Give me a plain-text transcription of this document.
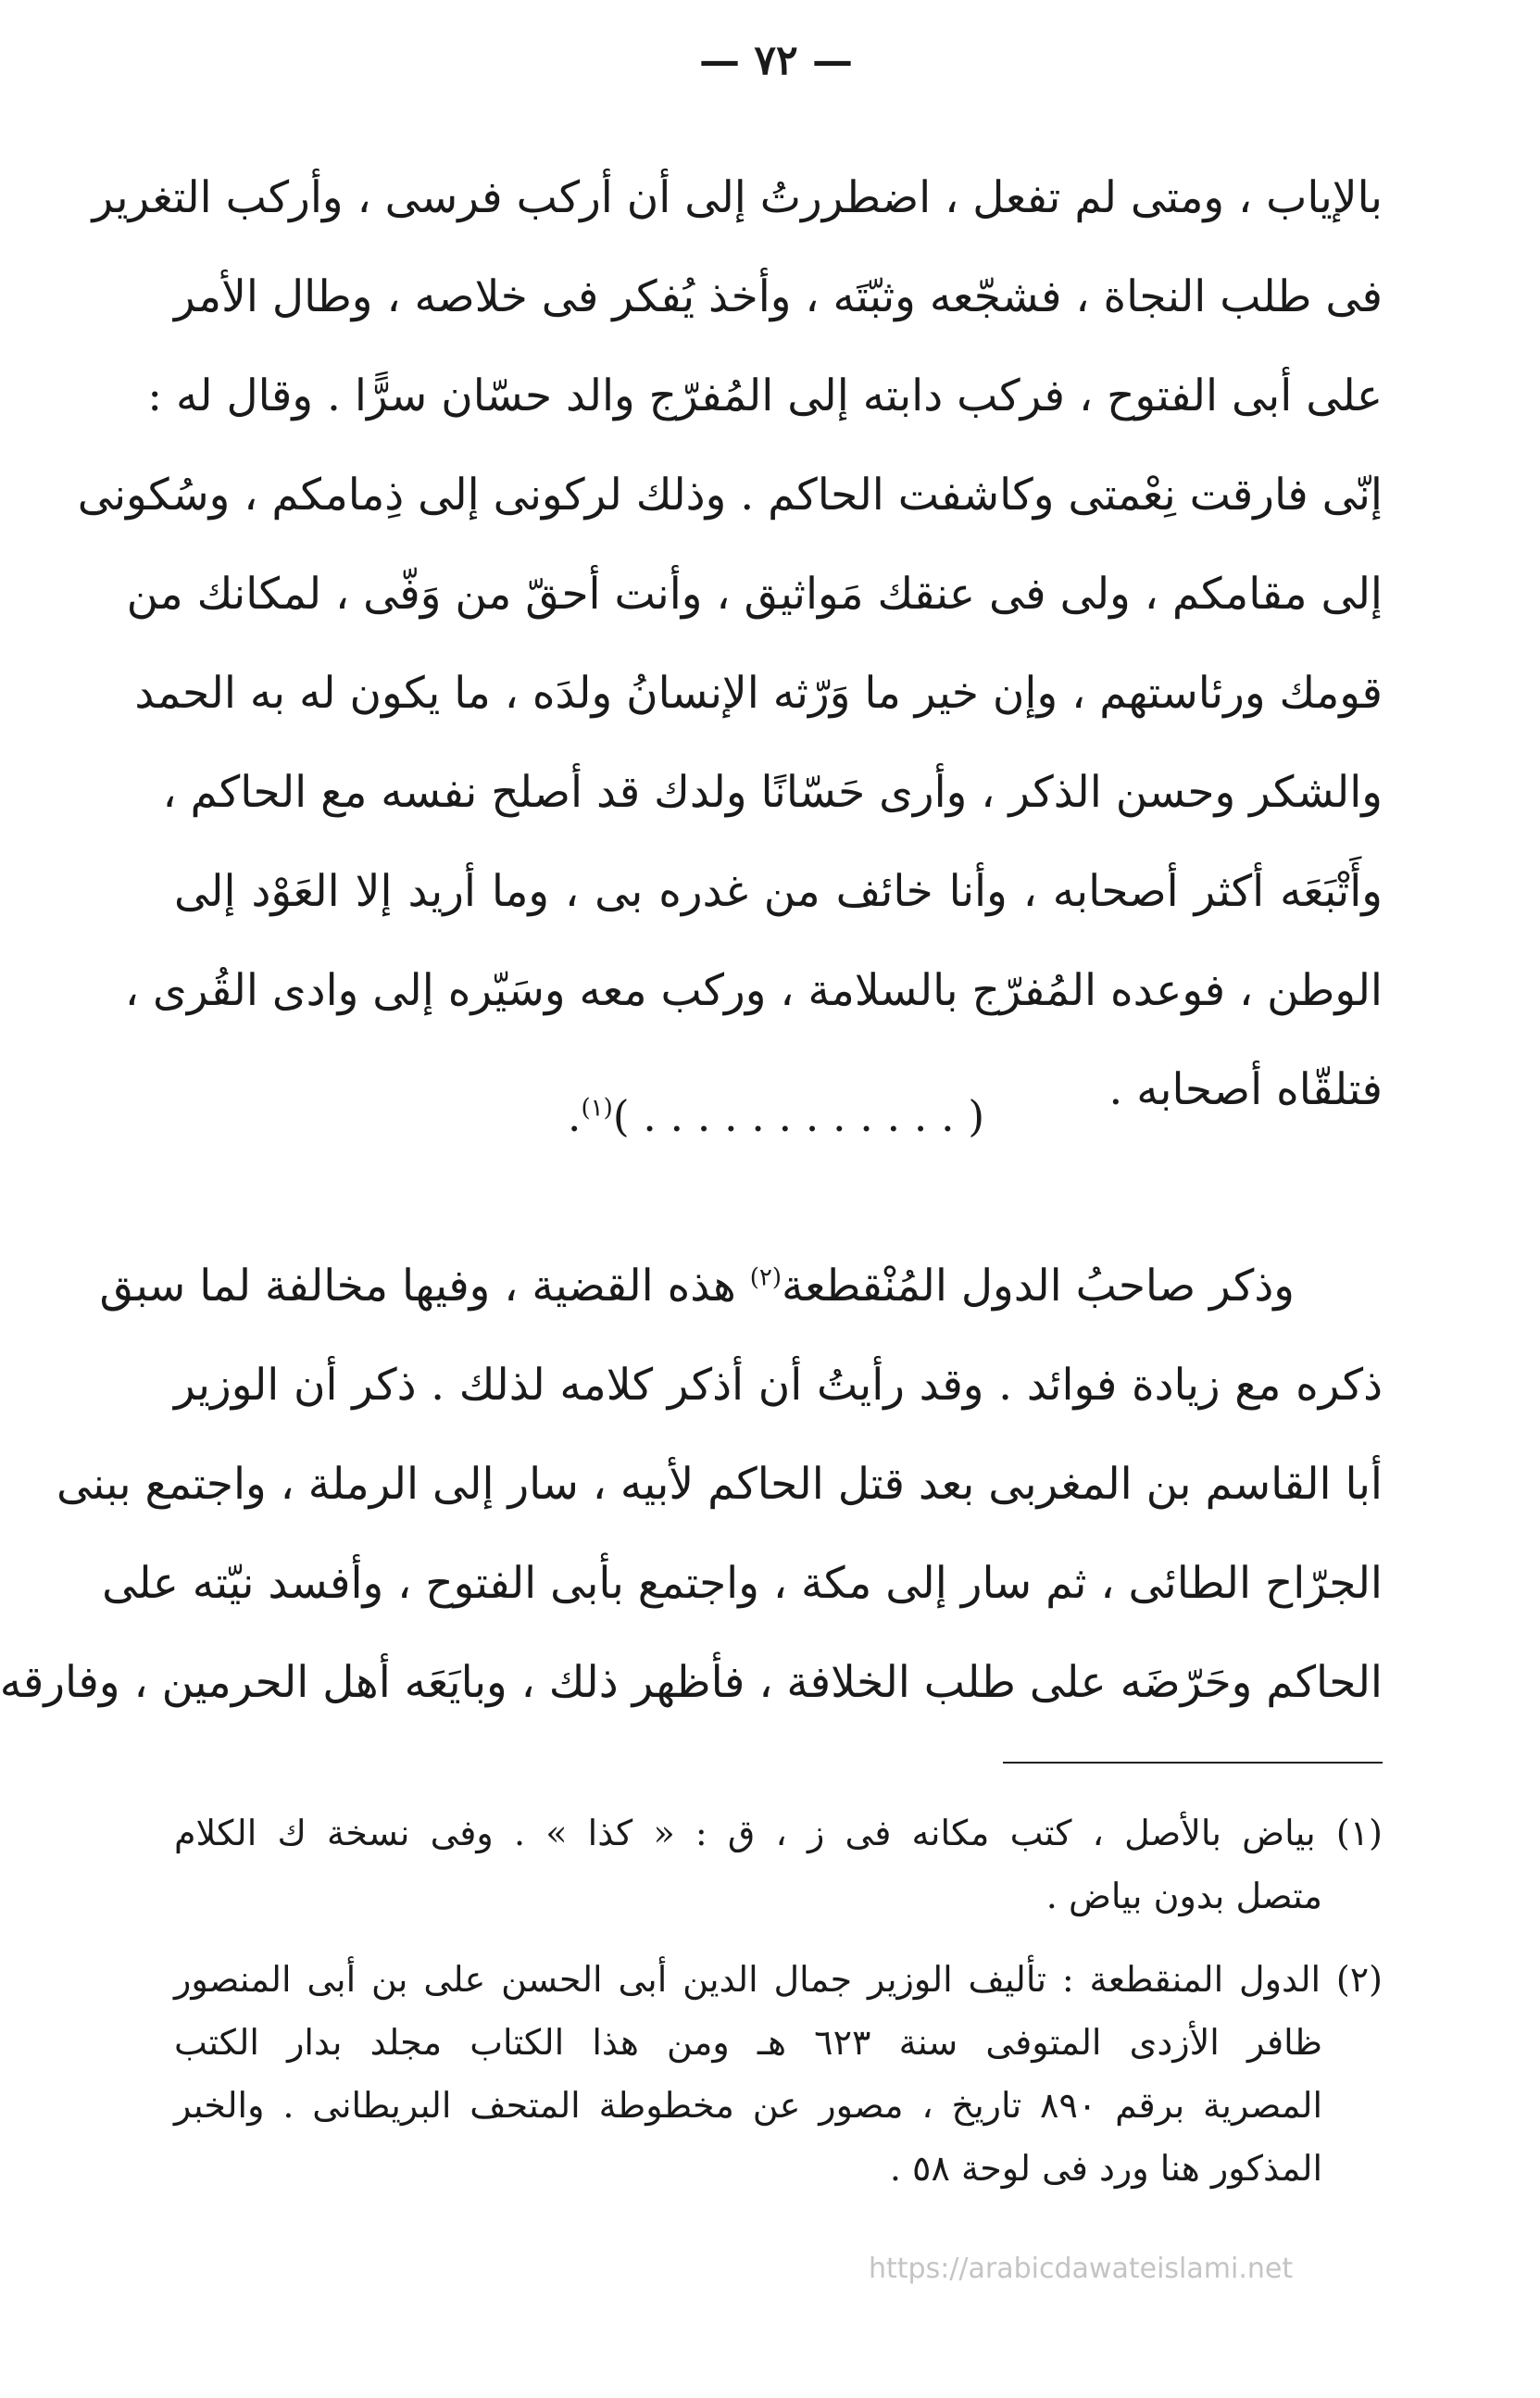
— ٧٢ —
بالإياب ، ومتى لم تفعل ، اضطررتُ إلى أن أركب فرسى ، وأركب التغرير
فى طلب النجاة ، فشجّعه وثبّتَه ، وأخذ يُفكر فى خلاصه ، وطال الأمر
على أبى الفتوح ، فركب دابته إلى المُفرّج والد حسّان سرًّا . وقال له :
إنّى فارقت نِعْمتى وكاشفت الحاكم . وذلك لركونى إلى ذِمامكم ، وسُكونى
إلى مقامكم ، ولى فى عنقك مَواثيق ، وأنت أحقّ من وَفّى ، لمكانك من
قومك ورئاستهم ، وإن خير ما وَرّثه الإنسانُ ولدَه ، ما يكون له به الحمد
والشكر وحسن الذكر ، وأرى حَسّانًا ولدك قد أصلح نفسه مع الحاكم ،
وأَتْبَعَه أكثر أصحابه ، وأنا خائف من غدره بى ، وما أريد إلا العَوْد إلى
الوطن ، فوعده المُفرّج بالسلامة ، وركب معه وسَيّره إلى وادى القُرى ،
فتلقّاه أصحابه .
( . . . . . . . . . . . . )$^{(١)}$.
وذكر صاحبُ الدول المُنْقطعة$^{(٢)}$ هذه القضية ، وفيها مخالفة لما سبق
ذكره مع زيادة فوائد . وقد رأيتُ أن أذكر كلامه لذلك . ذكر أن الوزير
أبا القاسم بن المغربى بعد قتل الحاكم لأبيه ، سار إلى الرملة ، واجتمع ببنى
الجرّاح الطائى ، ثم سار إلى مكة ، واجتمع بأبى الفتوح ، وأفسد نيّته على
الحاكم وحَرّضَه على طلب الخلافة ، فأظهر ذلك ، وبايَعَه أهل الحرمين ، وفارقه
(١) بياض بالأصل ، كتب مكانه فى ز ، ق : « كذا » . وفى نسخة ك الكلام
متصل بدون بياض .
(٢) الدول المنقطعة : تأليف الوزير جمال الدين أبى الحسن على بن أبى المنصور
ظافر الأزدى المتوفى سنة ٦٢٣ هـ ومن هذا الكتاب مجلد بدار الكتب
المصرية برقم ٨٩٠ تاريخ ، مصور عن مخطوطة المتحف البريطانى . والخبر
المذكور هنا ورد فى لوحة ٥٨ .
https://arabicdawateislami.net
